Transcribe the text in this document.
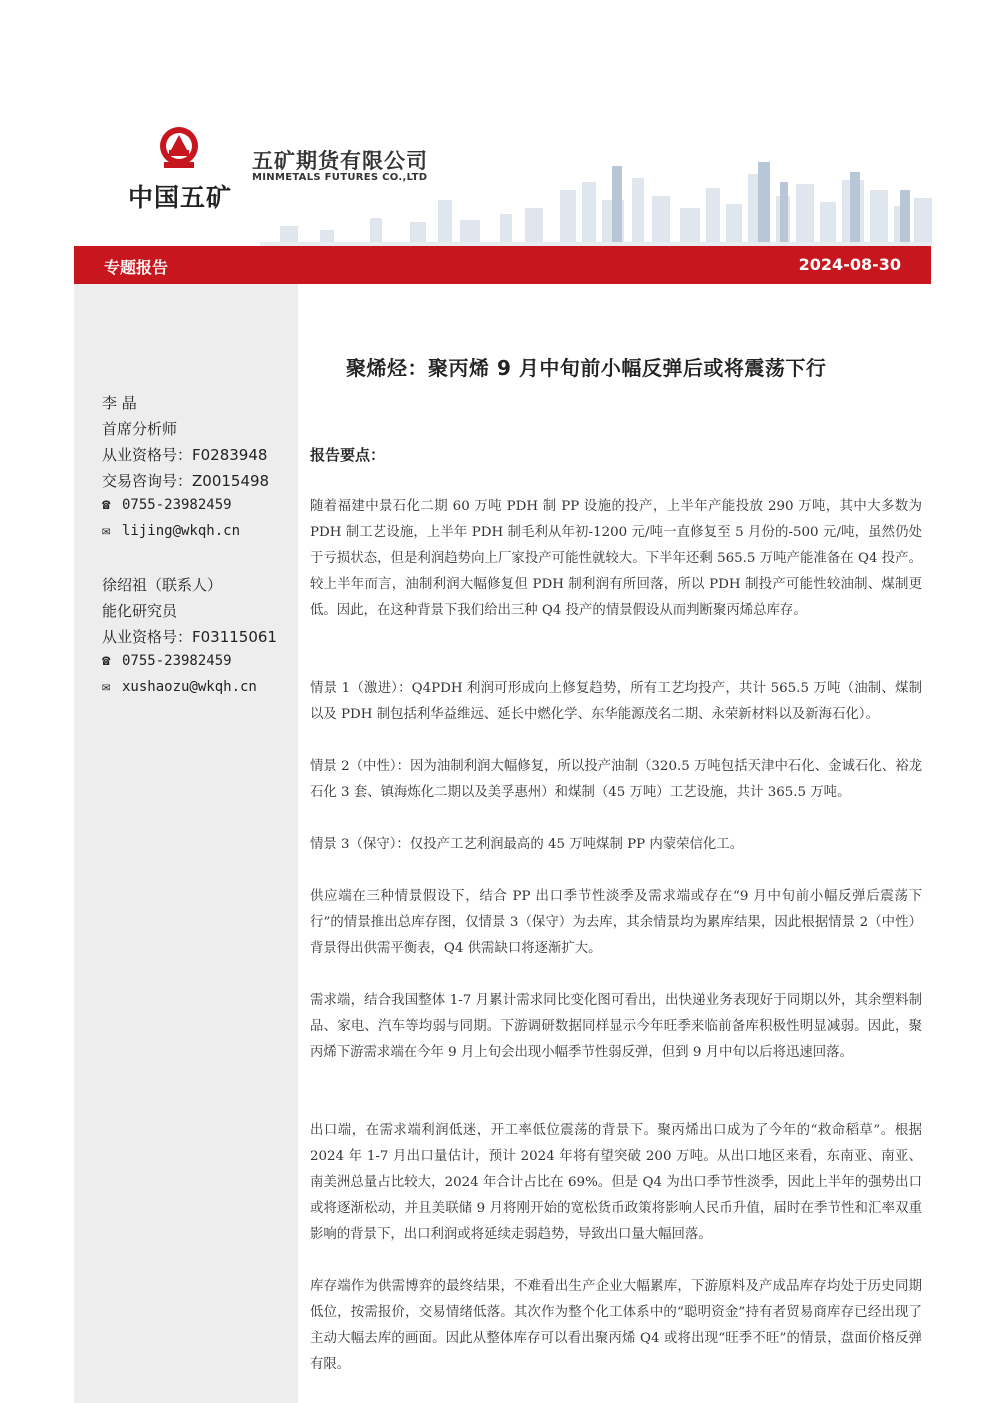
中国五矿
五矿期货有限公司
MINMETALS FUTURES CO.,LTD
专题报告	2024-08-30
李 晶
首席分析师
从业资格号：F0283948
交易咨询号：Z0015498
☎ 0755-23982459
✉ lijing@wkqh.cn
徐绍祖（联系人）
能化研究员
从业资格号：F03115061
☎ 0755-23982459
✉ xushaozu@wkqh.cn
聚烯烃：聚丙烯 9 月中旬前小幅反弹后或将震荡下行
报告要点：

随着福建中景石化二期 60 万吨 PDH 制 PP 设施的投产，上半年产能投放 290 万吨，其中大多数为 PDH 制工艺设施，上半年 PDH 制毛利从年初-1200 元/吨一直修复至 5 月份的-500 元/吨，虽然仍处于亏损状态，但是利润趋势向上厂家投产可能性就较大。下半年还剩 565.5 万吨产能准备在 Q4 投产。较上半年而言，油制利润大幅修复但 PDH 制利润有所回落，所以 PDH 制投产可能性较油制、煤制更低。因此，在这种背景下我们给出三种 Q4 投产的情景假设从而判断聚丙烯总库存。

情景 1（激进）：Q4PDH 利润可形成向上修复趋势，所有工艺均投产，共计 565.5 万吨（油制、煤制以及 PDH 制包括利华益维远、延长中燃化学、东华能源茂名二期、永荣新材料以及新海石化）。

情景 2（中性）：因为油制利润大幅修复，所以投产油制（320.5 万吨包括天津中石化、金诚石化、裕龙石化 3 套、镇海炼化二期以及美孚惠州）和煤制（45 万吨）工艺设施，共计 365.5 万吨。

情景 3（保守）：仅投产工艺利润最高的 45 万吨煤制 PP 内蒙荣信化工。

供应端在三种情景假设下，结合 PP 出口季节性淡季及需求端或存在“9 月中旬前小幅反弹后震荡下行”的情景推出总库存图，仅情景 3（保守）为去库，其余情景均为累库结果，因此根据情景 2（中性）背景得出供需平衡表，Q4 供需缺口将逐渐扩大。

需求端，结合我国整体 1-7 月累计需求同比变化图可看出，出快递业务表现好于同期以外，其余塑料制品、家电、汽车等均弱与同期。下游调研数据同样显示今年旺季来临前备库积极性明显减弱。因此，聚丙烯下游需求端在今年 9 月上旬会出现小幅季节性弱反弹，但到 9 月中旬以后将迅速回落。

出口端，在需求端利润低迷，开工率低位震荡的背景下。聚丙烯出口成为了今年的“救命稻草”。根据 2024 年 1-7 月出口量估计，预计 2024 年将有望突破 200 万吨。从出口地区来看，东南亚、南亚、南美洲总量占比较大，2024 年合计占比在 69%。但是 Q4 为出口季节性淡季，因此上半年的强势出口或将逐渐松动，并且美联储 9 月将刚开始的宽松货币政策将影响人民币升值，届时在季节性和汇率双重影响的背景下，出口利润或将延续走弱趋势，导致出口量大幅回落。

库存端作为供需博弈的最终结果，不难看出生产企业大幅累库，下游原料及产成品库存均处于历史同期低位，按需报价，交易情绪低落。其次作为整个化工体系中的“聪明资金”持有者贸易商库存已经出现了主动大幅去库的画面。因此从整体库存可以看出聚丙烯 Q4 或将出现“旺季不旺”的情景，盘面价格反弹有限。
